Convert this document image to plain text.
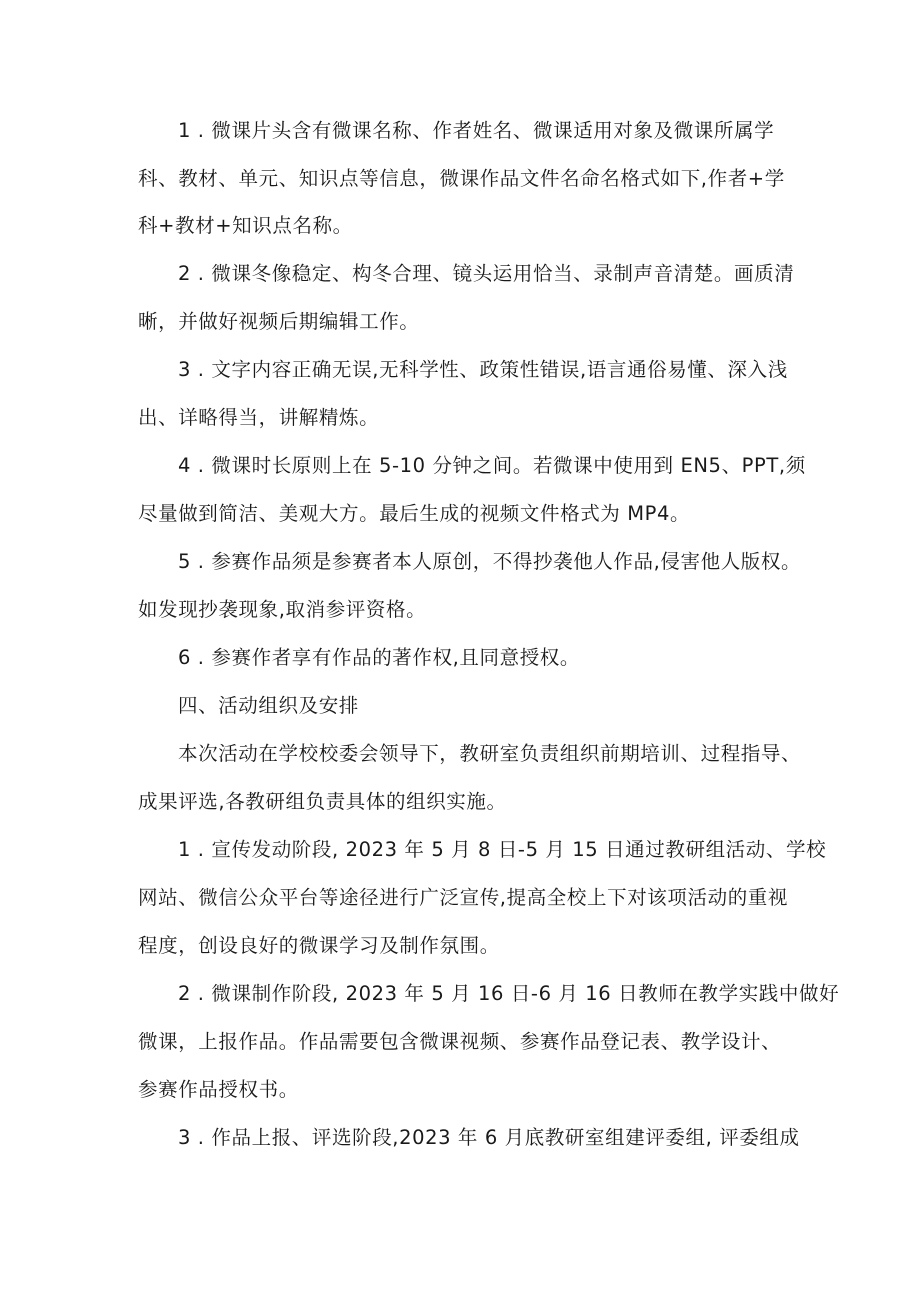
1 . 微课片头含有微课名称、作者姓名、微课适用对象及微课所属学
科、教材、单元、知识点等信息，微课作品文件名命名格式如下,作者+学
科+教材+知识点名称。
2 . 微课冬像稳定、构冬合理、镜头运用恰当、录制声音清楚。画质清
晰，并做好视频后期编辑工作。
3 . 文字内容正确无误,无科学性、政策性错误,语言通俗易懂、深入浅
出、详略得当，讲解精炼。
4 . 微课时长原则上在 5-10 分钟之间。若微课中使用到 EN5、PPT,须
尽量做到简洁、美观大方。最后生成的视频文件格式为 MP4。
5 . 参赛作品须是参赛者本人原创，不得抄袭他人作品,侵害他人版权。
如发现抄袭现象,取消参评资格。
6 . 参赛作者享有作品的著作权,且同意授权。
四、活动组织及安排
本次活动在学校校委会领导下，教研室负责组织前期培训、过程指导、
成果评选,各教研组负责具体的组织实施。
1 . 宣传发动阶段, 2023 年 5 月 8 日-5 月 15 日通过教研组活动、学校
网站、微信公众平台等途径进行广泛宣传,提高全校上下对该项活动的重视
程度，创设良好的微课学习及制作氛围。
2 . 微课制作阶段, 2023 年 5 月 16 日-6 月 16 日教师在教学实践中做好
微课，上报作品。作品需要包含微课视频、参赛作品登记表、教学设计、
参赛作品授权书。
3 . 作品上报、评选阶段,2023 年 6 月底教研室组建评委组, 评委组成
